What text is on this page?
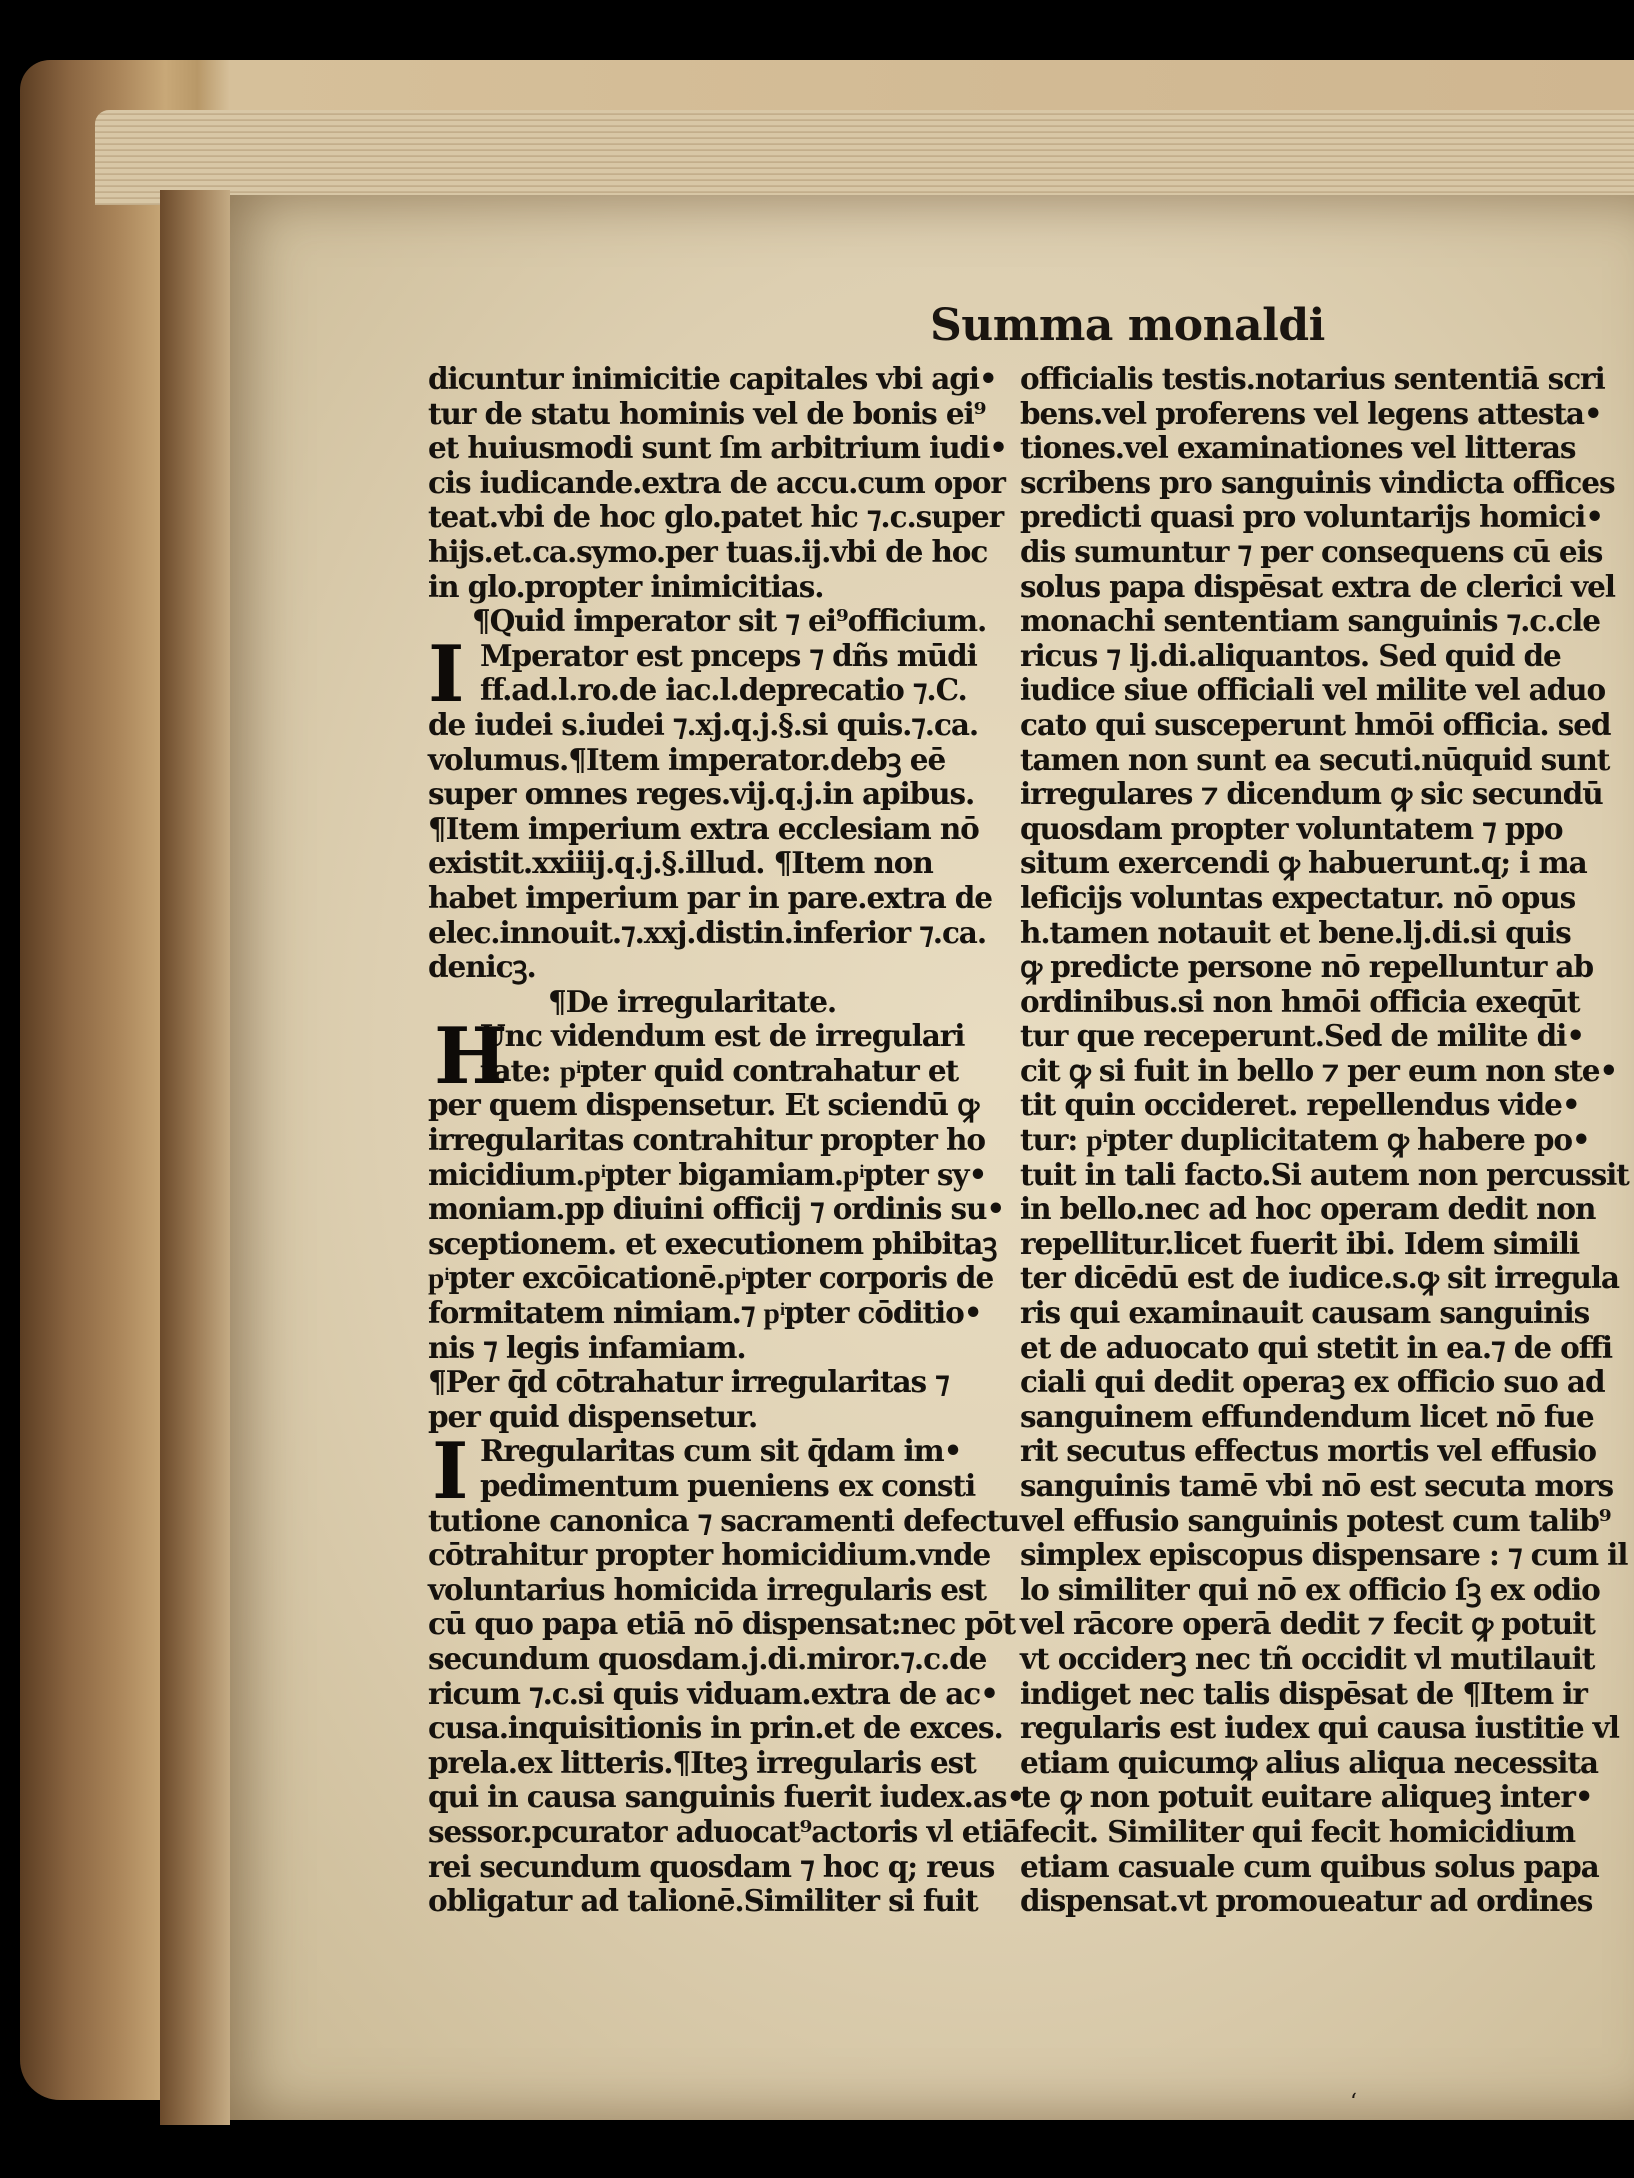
Summa monaldi
dicuntur inimicitie capitales vbi agi•
tur de statu hominis vel de bonis ei⁹
et huiusmodi sunt ſm arbitrium iudi•
cis iudicande.extra de accu.cum opor
teat.vbi de hoc glo.patet hic ⁊.c.super
hijs.et.ca.symo.per tuas.ij.vbi de hoc
in glo.propter inimicitias.
¶Quid imperator sit ⁊ ei⁹officium.
Mperator est pnceps ⁊ dñs mūdi
ff.ad.l.ro.de iac.l.deprecatio ⁊.C.
de iudei s.iudei ⁊.xj.q.j.§.si quis.⁊.ca.
volumus.¶Item imperator.debꝫ eē
super omnes reges.vij.q.j.in apibus.
¶Item imperium extra ecclesiam nō
existit.xxiiij.q.j.§.illud. ¶Item non
habet imperium par in pare.extra de
elec.innouit.⁊.xxj.distin.inferior ⁊.ca.
denicꝫ.
¶De irregularitate.
Unc videndum est de irregulari
tate: pͥpter quid contrahatur et
per quem dispensetur. Et sciendū ꝙ
irregularitas contrahitur propter ho
micidium.pͥpter bigamiam.pͥpter sy•
moniam.pp diuini officij ⁊ ordinis su•
sceptionem. et executionem phibitaꝫ
pͥpter excōicationē.pͥpter corporis de
formitatem nimiam.⁊ pͥpter cōditio•
nis ⁊ legis infamiam.
¶Per q̄d cōtrahatur irregularitas ⁊
per quid dispensetur.
Rregularitas cum sit q̄dam im•
pedimentum pueniens ex consti
tutione canonica ⁊ sacramenti defectu
cōtrahitur propter homicidium.vnde
voluntarius homicida irregularis est
cū quo papa etiā nō dispensat:nec pōt
secundum quosdam.j.di.miror.⁊.c.de
ricum ⁊.c.si quis viduam.extra de ac•
cusa.inquisitionis in prin.et de exces.
prela.ex litteris.¶Iteꝫ irregularis est
qui in causa sanguinis fuerit iudex.as•
sessor.pcurator aduocat⁹actoris vl etiā
rei secundum quosdam ⁊ hoc q; reus
obligatur ad talionē.Similiter si fuit
officialis testis.notarius sententiā scri
bens.vel proferens vel legens attesta•
tiones.vel examinationes vel litteras
scribens pro sanguinis vindicta offices
predicti quasi pro voluntarijs homici•
dis sumuntur ⁊ per consequens cū eis
solus papa dispēsat extra de clerici vel
monachi sententiam sanguinis ⁊.c.cle
ricus ⁊ lj.di.aliquantos. Sed quid de
iudice siue officiali vel milite vel aduo
cato qui susceperunt hmōi officia. sed
tamen non sunt ea secuti.nūquid sunt
irregulares ⁊ dicendum ꝙ sic secundū
quosdam propter voluntatem ⁊ ppo
situm exercendi ꝙ habuerunt.q; i ma
leficijs voluntas expectatur. nō opus
h.tamen notauit et bene.lj.di.si quis
ꝙ predicte persone nō repelluntur ab
ordinibus.si non hmōi officia exeqūt
tur que receperunt.Sed de milite di•
cit ꝙ si fuit in bello ⁊ per eum non ste•
tit quin occideret. repellendus vide•
tur: pͥpter duplicitatem ꝙ habere po•
tuit in tali facto.Si autem non percussit
in bello.nec ad hoc operam dedit non
repellitur.licet fuerit ibi. Idem simili
ter dicēdū est de iudice.s.ꝙ sit irregula
ris qui examinauit causam sanguinis
et de aduocato qui stetit in ea.⁊ de offi
ciali qui dedit operaꝫ ex officio suo ad
sanguinem effundendum licet nō fue
rit secutus effectus mortis vel effusio
sanguinis tamē vbi nō est secuta mors
vel effusio sanguinis potest cum talib⁹
simplex episcopus dispensare : ⁊ cum il
lo similiter qui nō ex officio ſꝫ ex odio
vel rācore operā dedit ⁊ fecit ꝙ potuit
vt occiderꝫ nec tñ occidit vl mutilauit
indiget nec talis dispēsat de ¶Item ir
regularis est iudex qui causa iustitie vl
etiam quicumꝙ alius aliqua necessita
te ꝙ non potuit euitare aliqueꝫ inter•
fecit. Similiter qui fecit homicidium
etiam casuale cum quibus solus papa
dispensat.vt promoueatur ad ordines
I
H
I
ʻ
